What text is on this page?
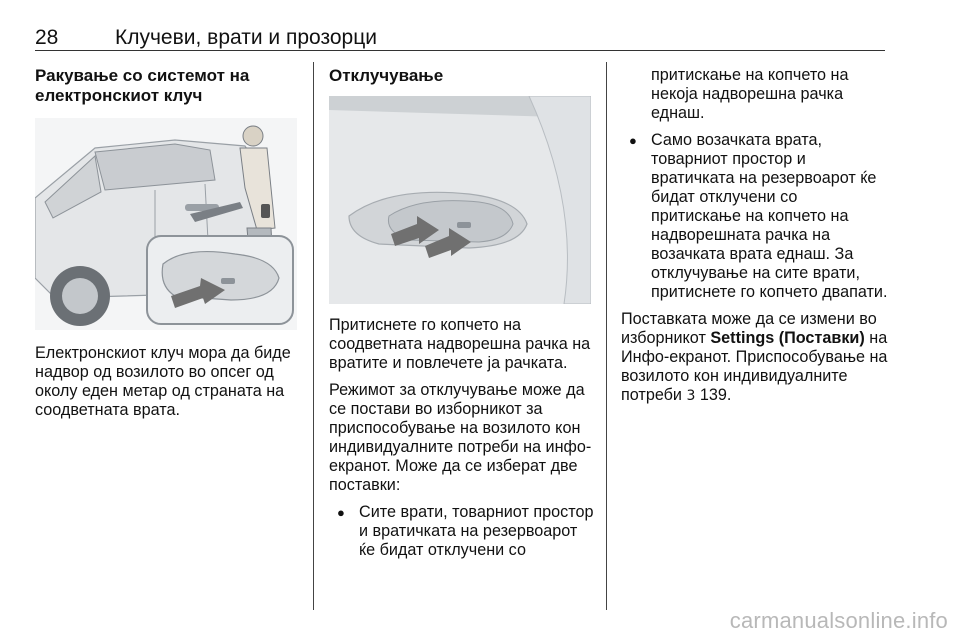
28	Клучеви, врати и прозорци
Ракување со системот на електронскиот клуч

Електронскиот клуч мора да биде надвор од возилото во опсег од околу еден метар од страната на соодветната врата.

Отклучување

Притиснете го копчето на соодветната надворешна рачка на вратите и повлечете ја рачката.

Режимот за отклучување може да се постави во изборникот за приспособување на возилото кон индивидуалните потреби на инфо-екранот. Може да се изберат две поставки:

● Сите врати, товарниот простор и вратичката на резервоарот ќе бидат отклучени со

притискање на копчето на некоја надворешна рачка еднаш.

● Само возачката врата, товарниот простор и вратичката на резервоарот ќе бидат отклучени со притискање на копчето на надворешната рачка на возачката врата еднаш. За отклучување на сите врати, притиснете го копчето двапати.

Поставката може да се измени во изборникот Settings (Поставки) на Инфо-екранот. Приспособување на возилото кон индивидуалните потреби 3 139.

carmanualsonline.info
